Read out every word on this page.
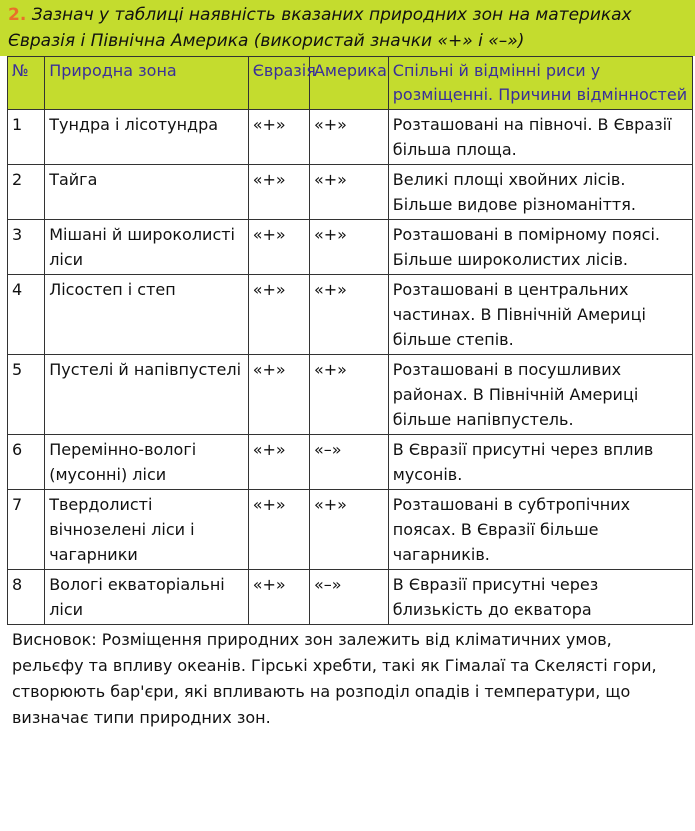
2. Зазнач у таблиці наявність вказаних природних зон на материках Євразія і Північна Америка (використай значки «+» і «–»)
№	Природна зона	Євразія	Америка	Спільні й відмінні риси у розміщенні. Причини відмінностей
1	Тундра і лісотундра	«+»	«+»	Розташовані на півночі. В Євразії більша площа.
2	Тайга	«+»	«+»	Великі площі хвойних лісів. Більше видове різноманіття.
3	Мішані й широколисті ліси	«+»	«+»	Розташовані в помірному поясі. Більше широколистих лісів.
4	Лісостеп і степ	«+»	«+»	Розташовані в центральних частинах. В Північній Америці більше степів.
5	Пустелі й напівпустелі	«+»	«+»	Розташовані в посушливих районах. В Північній Америці більше напівпустель.
6	Перемінно-вологі (мусонні) ліси	«+»	«–»	В Євразії присутні через вплив мусонів.
7	Твердолисті вічнозелені ліси і чагарники	«+»	«+»	Розташовані в субтропічних поясах. В Євразії більше чагарників.
8	Вологі екваторіальні ліси	«+»	«–»	В Євразії присутні через близькість до екватора
Висновок: Розміщення природних зон залежить від кліматичних умов, рельєфу та впливу океанів. Гірські хребти, такі як Гімалаї та Скелясті гори, створюють бар'єри, які впливають на розподіл опадів і температури, що визначає типи природних зон.
